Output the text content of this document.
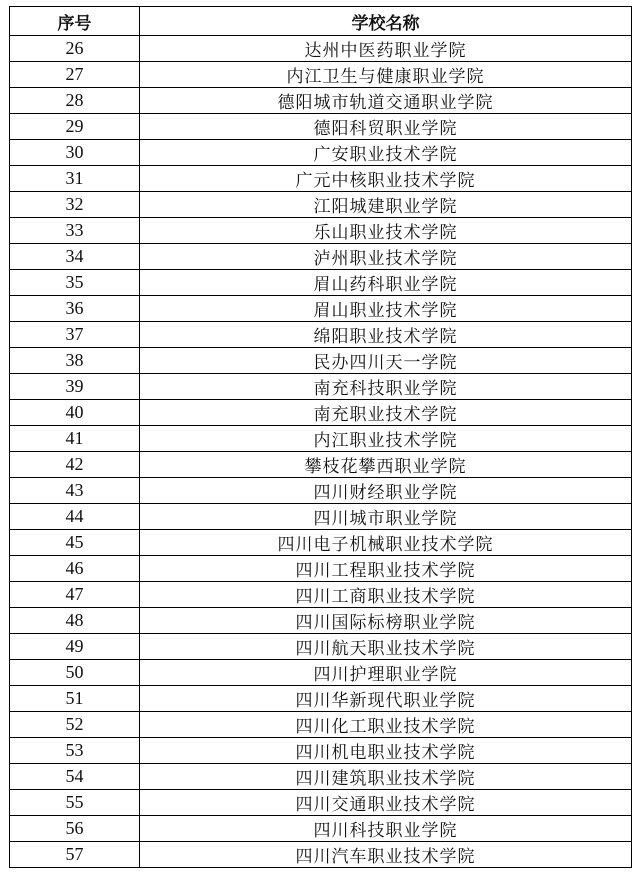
序号	学校名称
26	达州中医药职业学院
27	内江卫生与健康职业学院
28	德阳城市轨道交通职业学院
29	德阳科贸职业学院
30	广安职业技术学院
31	广元中核职业技术学院
32	江阳城建职业学院
33	乐山职业技术学院
34	泸州职业技术学院
35	眉山药科职业学院
36	眉山职业技术学院
37	绵阳职业技术学院
38	民办四川天一学院
39	南充科技职业学院
40	南充职业技术学院
41	内江职业技术学院
42	攀枝花攀西职业学院
43	四川财经职业学院
44	四川城市职业学院
45	四川电子机械职业技术学院
46	四川工程职业技术学院
47	四川工商职业技术学院
48	四川国际标榜职业学院
49	四川航天职业技术学院
50	四川护理职业学院
51	四川华新现代职业学院
52	四川化工职业技术学院
53	四川机电职业技术学院
54	四川建筑职业技术学院
55	四川交通职业技术学院
56	四川科技职业学院
57	四川汽车职业技术学院
